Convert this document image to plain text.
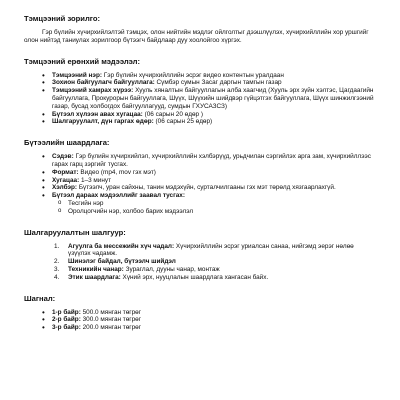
Тэмцээний зорилго:

Гэр бүлийн хүчирхийлэлтэй тэмцэх, олон нийтийн мэдлэг ойлголтыг дээшлүүлэх, хүчирхийллийн хор уршгийг олон нийтэд таниулах зорилгоор бүтээгч байдлаар дуу хоолойгоо хүргэх.

Тэмцээний ерөнхий мэдээлэл:

• Тэмцээний нэр: Гэр бүлийн хүчирхийллийн эсрэг видео контентын уралдаан
• Зохион байгуулагч байгууллага: Сүмбэр сумын Засаг даргын тамгын газар
• Тэмцээний хамрах хүрээ: Хууль хяналтын байгууллагын алба хаагчид (Хууль эрх зүйн хэлтэс, Цагдаагийн байгууллага, Прокурорын байгууллага, Шүүх, Шүүхийн шийдвэр гүйцэтгэх байгууллага, Шүүх шинжилгээний газар, бусад холбогдох байгууллагууд, сумдын ГХУСАЗСЗ)
• Бүтээл хүлээн авах хугацаа: (06 сарын 20 өдөр )
• Шалгаруулалт, дүн гаргах өдөр: (06 сарын 25 өдөр)

Бүтээлийн шаардлага:

• Сэдэв: Гэр бүлийн хүчирхийлэл, хүчирхийллийн хэлбэрүүд, урьдчилан сэргийлэх арга зам, хүчирхийллээс гарах гарц зэргийг тусгах.
• Формат: Видео (mp4, mov гэх мэт)
• Хугацаа: 1–3 минут
• Хэлбэр: Бүтээлч, уран сайхны, танин мэдэхүйн, сурталчилгааны гэх мэт төрөлд хязгаарлахгүй.
• Бүтээл дараах мэдээллийг заавал тусгах:
o Тесгийн нэр
o Оролцогчийн нэр, холбоо барих мэдээлэл

Шалгаруулалтын шалгуур:

1. Агуулга ба мессежийн хүч чадал: Хүчирхийллийн эсрэг уриалсан санаа, нийгэмд эерэг нөлөө үзүүлэх чадамж.
2. Шинэлэг байдал, бүтээлч шийдэл
3. Техникийн чанар: Зураглал, дууны чанар, монтаж
4. Этик шаардлага: Хүний эрх, нууцлалын шаардлага хангасан байх.

Шагнал:

• 1-р байр: 500.0 мянган төгрөг
• 2-р байр: 300.0 мянган төгрөг
• 3-р байр: 200.0 мянган төгрөг
